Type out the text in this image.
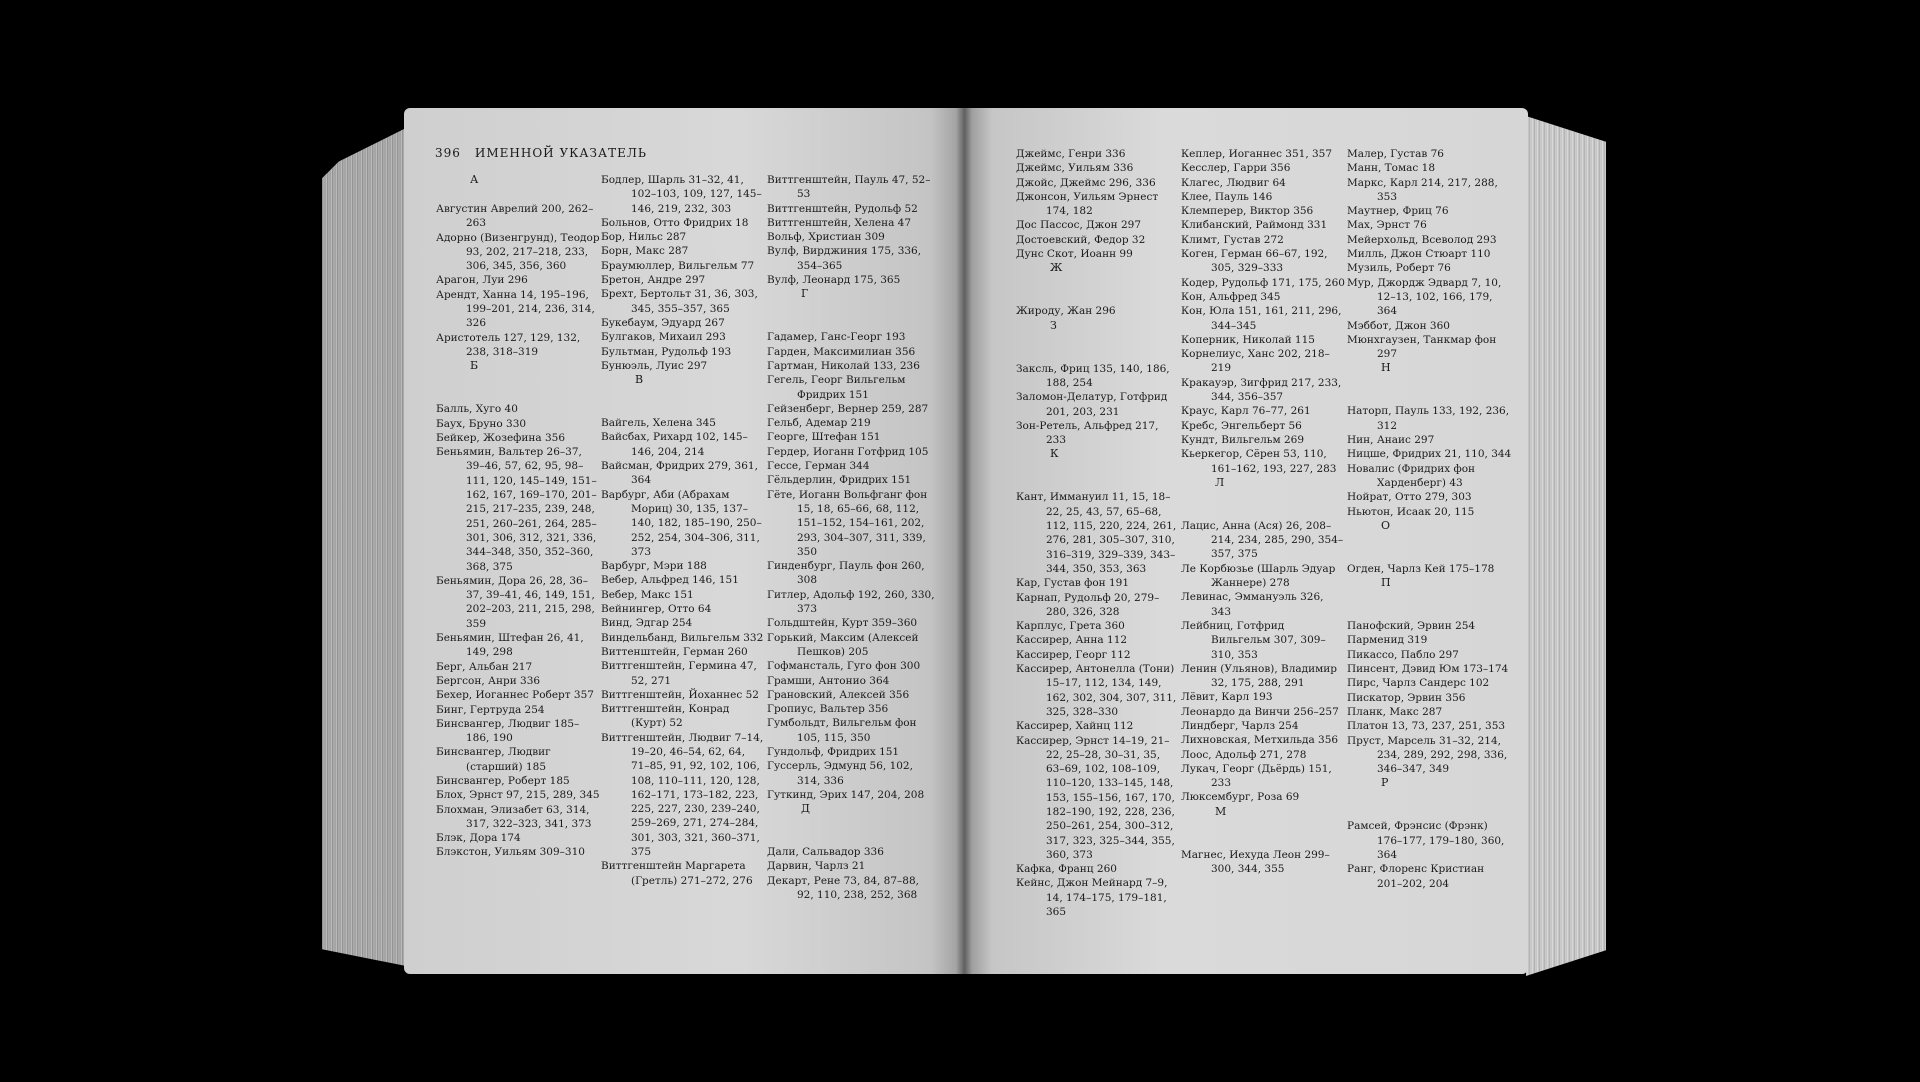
396 ИМЕННОЙ УКАЗАТЕЛЬ
А

Августин Аврелий 200, 262–263

Адорно (Визенгрунд), Теодор 93, 202, 217–218, 233, 306, 345, 356, 360

Арагон, Луи 296

Арендт, Ханна 14, 195–196, 199–201, 214, 236, 314, 326

Аристотель 127, 129, 132, 238, 318–319

Б

Балль, Хуго 40

Баух, Бруно 330

Бейкер, Жозефина 356

Беньямин, Вальтер 26–37, 39–46, 57, 62, 95, 98–111, 120, 145–149, 151–162, 167, 169–170, 201–215, 217–235, 239, 248, 251, 260–261, 264, 285–301, 306, 312, 321, 336, 344–348, 350, 352–360, 368, 375

Беньямин, Дора 26, 28, 36–37, 39–41, 46, 149, 151, 202–203, 211, 215, 298, 359

Беньямин, Штефан 26, 41, 149, 298

Берг, Альбан 217

Бергсон, Анри 336

Бехер, Иоганнес Роберт 357

Бинг, Гертруда 254

Бинсвангер, Людвиг 185–186, 190

Бинсвангер, Людвиг (старший) 185

Бинсвангер, Роберт 185

Блох, Эрнст 97, 215, 289, 345

Блохман, Элизабет 63, 314, 317, 322–323, 341, 373

Блэк, Дора 174

Блэкстон, Уильям 309–310

Бодлер, Шарль 31–32, 41, 102–103, 109, 127, 145–146, 219, 232, 303

Больнов, Отто Фридрих 18

Бор, Нильс 287

Борн, Макс 287

Браумюллер, Вильгельм 77

Бретон, Андре 297

Брехт, Бертольт 31, 36, 303, 345, 355–357, 365

Букебаум, Эдуард 267

Булгаков, Михаил 293

Бультман, Рудольф 193

Бунюэль, Луис 297

В

Вайгель, Хелена 345

Вайсбах, Рихард 102, 145–146, 204, 214

Вайсман, Фридрих 279, 361, 364

Варбург, Аби (Абрахам Мориц) 30, 135, 137–140, 182, 185–190, 250–252, 254, 304–306, 311, 373

Варбург, Мэри 188

Вебер, Альфред 146, 151

Вебер, Макс 151

Вейнингер, Отто 64

Винд, Эдгар 254

Виндельбанд, Вильгельм 332

Виттенштейн, Герман 260

Виттгенштейн, Гермина 47, 52, 271

Виттгенштейн, Йоханнес 52

Виттгенштейн, Конрад (Курт) 52

Виттгенштейн, Людвиг 7–14, 19–20, 46–54, 62, 64, 71–85, 91, 92, 102, 106, 108, 110–111, 120, 128, 162–171, 173–182, 223, 225, 227, 230, 239–240, 259–269, 271, 274–284, 301, 303, 321, 360–371, 375

Виттгенштейн Маргарета (Гретль) 271–272, 276

Виттгенштейн, Пауль 47, 52–53

Виттгенштейн, Рудольф 52

Виттгенштейн, Хелена 47

Вольф, Христиан 309

Вулф, Вирджиния 175, 336, 354–365

Вулф, Леонард 175, 365

Г

Гадамер, Ганс-Георг 193

Гарден, Максимилиан 356

Гартман, Николай 133, 236

Гегель, Георг Вильгельм Фридрих 151

Гейзенберг, Вернер 259, 287

Гельб, Адемар 219

Георге, Штефан 151

Гердер, Иоганн Готфрид 105

Гессе, Герман 344

Гёльдерлин, Фридрих 151

Гёте, Иоганн Вольфганг фон 15, 18, 65–66, 68, 112, 151–152, 154–161, 202, 293, 304–307, 311, 339, 350

Гинденбург, Пауль фон 260, 308

Гитлер, Адольф 192, 260, 330, 373

Гольдштейн, Курт 359–360

Горький, Максим (Алексей Пешков) 205

Гофмансталь, Гуго фон 300

Грамши, Антонио 364

Грановский, Алексей 356

Гропиус, Вальтер 356

Гумбольдт, Вильгельм фон 105, 115, 350

Гундольф, Фридрих 151

Гуссерль, Эдмунд 56, 102, 314, 336

Гуткинд, Эрих 147, 204, 208

Д

Дали, Сальвадор 336

Дарвин, Чарлз 21

Декарт, Рене 73, 84, 87–88, 92, 110, 238, 252, 368

Джеймс, Генри 336

Джеймс, Уильям 336

Джойс, Джеймс 296, 336

Джонсон, Уильям Эрнест 174, 182

Дос Пассос, Джон 297

Достоевский, Федор 32

Дунс Скот, Иоанн 99

Ж

Жироду, Жан 296

З

Заксль, Фриц 135, 140, 186, 188, 254

Заломон-Делатур, Готфрид 201, 203, 231

Зон-Ретель, Альфред 217, 233

К

Кант, Иммануил 11, 15, 18–22, 25, 43, 57, 65–68, 112, 115, 220, 224, 261, 276, 281, 305–307, 310, 316–319, 329–339, 343–344, 350, 353, 363

Кар, Густав фон 191

Карнап, Рудольф 20, 279–280, 326, 328

Карплус, Грета 360

Кассирер, Анна 112

Кассирер, Георг 112

Кассирер, Антонелла (Тони) 15–17, 112, 134, 149, 162, 302, 304, 307, 311, 325, 328–330

Кассирер, Хайнц 112

Кассирер, Эрнст 14–19, 21–22, 25–28, 30–31, 35, 63–69, 102, 108–109, 110–120, 133–145, 148, 153, 155–156, 167, 170, 182–190, 192, 228, 236, 250–261, 254, 300–312, 317, 323, 325–344, 355, 360, 373

Кафка, Франц 260

Кейнс, Джон Мейнард 7–9, 14, 174–175, 179–181, 365

Кеплер, Иоганнес 351, 357

Кесслер, Гарри 356

Клагес, Людвиг 64

Клее, Пауль 146

Клемперер, Виктор 356

Клибанский, Раймонд 331

Климт, Густав 272

Коген, Герман 66–67, 192, 305, 329–333

Кодер, Рудольф 171, 175, 260

Кон, Альфред 345

Кон, Юла 151, 161, 211, 296, 344–345

Коперник, Николай 115

Корнелиус, Ханс 202, 218–219

Кракауэр, Зигфрид 217, 233, 344, 356–357

Краус, Карл 76–77, 261

Кребс, Энгельберт 56

Кундт, Вильгельм 269

Кьеркегор, Сёрен 53, 110, 161–162, 193, 227, 283

Л

Лацис, Анна (Ася) 26, 208–214, 234, 285, 290, 354–357, 375

Ле Корбюзье (Шарль Эдуар Жаннере) 278

Левинас, Эммануэль 326, 343

Лейбниц, Готфрид Вильгельм 307, 309–310, 353

Ленин (Ульянов), Владимир 32, 175, 288, 291

Лёвит, Карл 193

Леонардо да Винчи 256–257

Линдберг, Чарлз 254

Лихновская, Метхильда 356

Лоос, Адольф 271, 278

Лукач, Георг (Дьёрдь) 151, 233

Люксембург, Роза 69

М

Магнес, Иехуда Леон 299–300, 344, 355

Малер, Густав 76

Манн, Томас 18

Маркс, Карл 214, 217, 288, 353

Маутнер, Фриц 76

Мах, Эрнст 76

Мейерхольд, Всеволод 293

Милль, Джон Стюарт 110

Музиль, Роберт 76

Мур, Джордж Эдвард 7, 10, 12–13, 102, 166, 179, 364

Мэббот, Джон 360

Мюнхгаузен, Танкмар фон 297

Н

Наторп, Пауль 133, 192, 236, 312

Нин, Анаис 297

Ницше, Фридрих 21, 110, 344

Новалис (Фридрих фон Харденберг) 43

Нойрат, Отто 279, 303

Ньютон, Исаак 20, 115

О

Огден, Чарлз Кей 175–178

П

Панофский, Эрвин 254

Парменид 319

Пикассо, Пабло 297

Пинсент, Дэвид Юм 173–174

Пирс, Чарлз Сандерс 102

Пискатор, Эрвин 356

Планк, Макс 287

Платон 13, 73, 237, 251, 353

Пруст, Марсель 31–32, 214, 234, 289, 292, 298, 336, 346–347, 349

Р

Рамсей, Фрэнсис (Фрэнк) 176–177, 179–180, 360, 364

Ранг, Флоренс Кристиан 201–202, 204
